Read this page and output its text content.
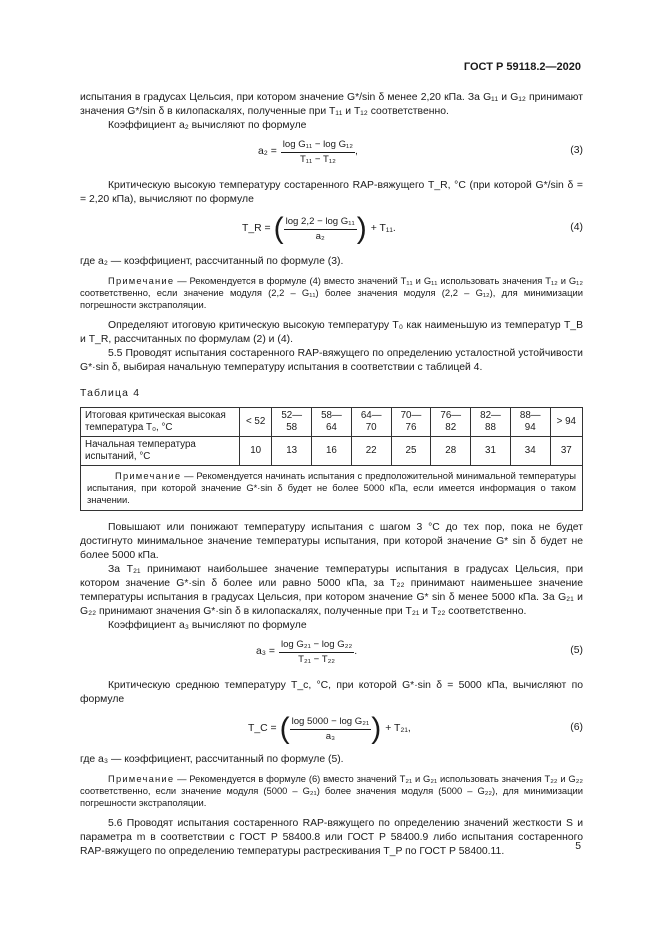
ГОСТ Р 59118.2—2020

испытания в градусах Цельсия, при котором значение G*/sin δ менее 2,20 кПа. За G₁₁ и G₁₂ принимают значения G*/sin δ в килопаскалях, полученные при T₁₁ и T₁₂ соответственно.

Коэффициент a₂ вычисляют по формуле

$a_2 = \frac{\text{log G₁₁ − log G₁₂}}{\text{T₁₁ − T₁₂}}$ ,	(3)

Критическую высокую температуру состаренного RAP-вяжущего T_R, °C (при которой G*/sin δ = = 2,20 кПа), вычисляют по формуле

T_R = ( $\frac{\text{log 2,2 − log G₁₁}}{\text{a₂}}$ ) + T₁₁.	(4)

где a₂ — коэффициент, рассчитанный по формуле (3).

Примечание — Рекомендуется в формуле (4) вместо значений T₁₁ и G₁₁ использовать значения T₁₂ и G₁₂ соответственно, если значение модуля (2,2 – G₁₁) более значения модуля (2,2 – G₁₂), для минимизации погрешности экстраполяции.

Определяют итоговую критическую высокую температуру T₀ как наименьшую из температур T_B и T_R, рассчитанных по формулам (2) и (4).

5.5 Проводят испытания состаренного RAP-вяжущего по определению усталостной устойчивости G*·sin δ, выбирая начальную температуру испытания в соответствии с таблицей 4.

Таблица 4

Итоговая критическая высокая температура T₀, °C	< 52	52—58	58—64	64—70	70—76	76—82	82—88	88—94	> 94
Начальная температура испытаний, °C	10	13	16	22	25	28	31	34	37
Примечание — Рекомендуется начинать испытания с предположительной минимальной температуры испытания, при которой значение G*·sin δ будет не более 5000 кПа, если имеется информация о таком значении.									

Повышают или понижают температуру испытания с шагом 3 °С до тех пор, пока не будет достигнуто минимальное значение температуры испытания, при которой значение G* sin δ будет не более 5000 кПа.

За T₂₁ принимают наибольшее значение температуры испытания в градусах Цельсия, при котором значение G*·sin δ более или равно 5000 кПа, за T₂₂ принимают наименьшее значение температуры испытания в градусах Цельсия, при котором значение G* sin δ менее 5000 кПа. За G₂₁ и G₂₂ принимают значения G*·sin δ в килопаскалях, полученные при T₂₁ и T₂₂ соответственно.

Коэффициент a₃ вычисляют по формуле

$a_3 = \frac{\text{log G₂₁ − log G₂₂}}{\text{T₂₁ − T₂₂}}$ .	(5)

Критическую среднюю температуру T_c, °C, при которой G*·sin δ = 5000 кПа, вычисляют по формуле

T_C = ( $\frac{\text{log 5000 − log G₂₁}}{\text{a₃}}$ ) + T₂₁,	(6)

где a₃ — коэффициент, рассчитанный по формуле (5).

Примечание — Рекомендуется в формуле (6) вместо значений T₂₁ и G₂₁ использовать значения T₂₂ и G₂₂ соответственно, если значение модуля (5000 – G₂₁) более значения модуля (5000 – G₂₂), для минимизации погрешности экстраполяции.

5.6 Проводят испытания состаренного RAP-вяжущего по определению значений жесткости S и параметра m в соответствии с ГОСТ Р 58400.8 или ГОСТ Р 58400.9 либо испытания состаренного RAP-вяжущего по определению температуры растрескивания T_P по ГОСТ Р 58400.11.	5
